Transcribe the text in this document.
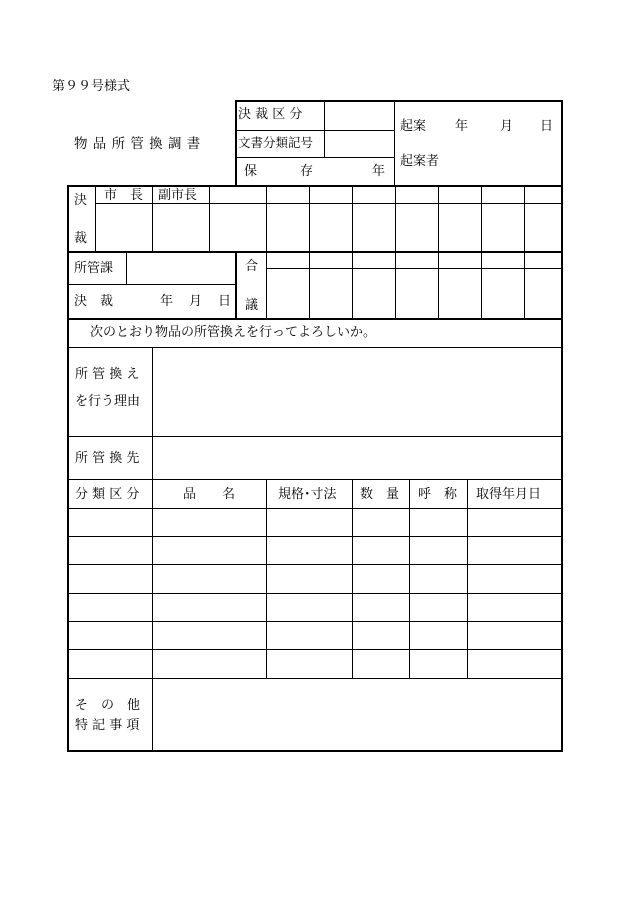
第９９号様式
物 品 所 管 換 調 書
決 裁 区 分
文書分類記号
保	存	年
起案 年 月 日
起案者
決
裁
市　長 副市長
所管課
決　裁	年 月 日
合
議
次のとおり物品の所管換えを行ってよろしいか。
所 管 換 え
を行う理由
所 管 換 先
分 類 区 分	品　　名	規格･寸法 数　量 呼　称 取得年月日
そ　の　他
特 記 事 項
